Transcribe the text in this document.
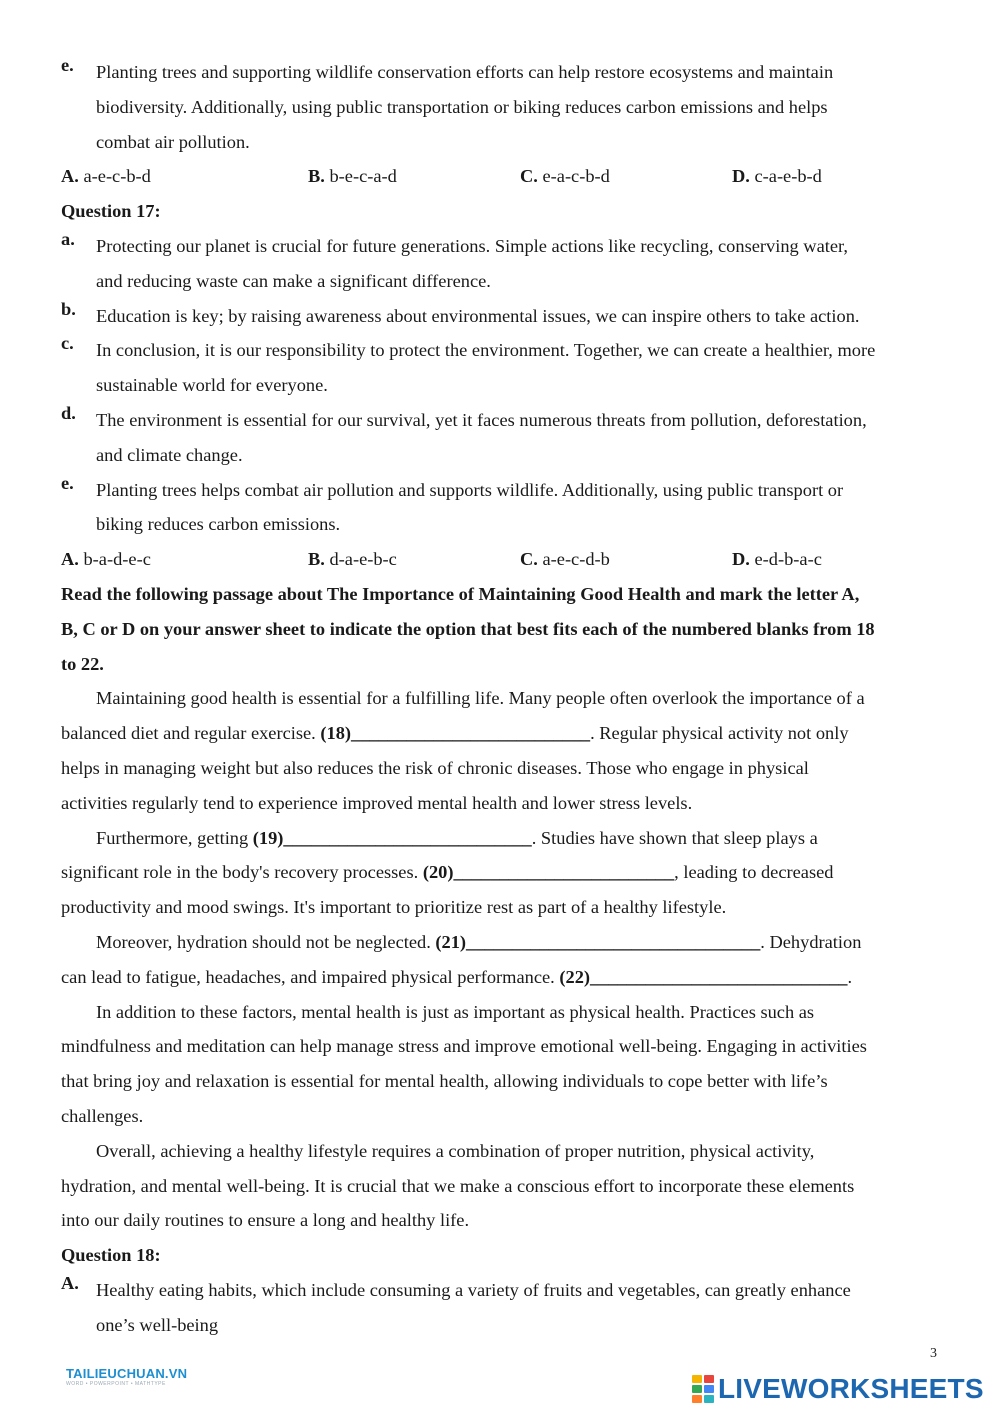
e.	Planting trees and supporting wildlife conservation efforts can help restore ecosystems and maintain
biodiversity. Additionally, using public transportation or biking reduces carbon emissions and helps
combat air pollution.
A. a-e-c-b-d	B. b-e-c-a-d	C. e-a-c-b-d	D. c-a-e-b-d
Question 17:
a.	Protecting our planet is crucial for future generations. Simple actions like recycling, conserving water,
and reducing waste can make a significant difference.
b.	Education is key; by raising awareness about environmental issues, we can inspire others to take action.
c.	In conclusion, it is our responsibility to protect the environment. Together, we can create a healthier, more
sustainable world for everyone.
d.	The environment is essential for our survival, yet it faces numerous threats from pollution, deforestation,
and climate change.
e.	Planting trees helps combat air pollution and supports wildlife. Additionally, using public transport or
biking reduces carbon emissions.
A. b-a-d-e-c	B. d-a-e-b-c	C. a-e-c-d-b	D. e-d-b-a-c
Read the following passage about The Importance of Maintaining Good Health and mark the letter A,
B, C or D on your answer sheet to indicate the option that best fits each of the numbered blanks from 18
to 22.
Maintaining good health is essential for a fulfilling life. Many people often overlook the importance of a
balanced diet and regular exercise. (18)__________________________. Regular physical activity not only
helps in managing weight but also reduces the risk of chronic diseases. Those who engage in physical
activities regularly tend to experience improved mental health and lower stress levels.
Furthermore, getting (19)___________________________. Studies have shown that sleep plays a
significant role in the body's recovery processes. (20)________________________, leading to decreased
productivity and mood swings. It's important to prioritize rest as part of a healthy lifestyle.
Moreover, hydration should not be neglected. (21)________________________________. Dehydration
can lead to fatigue, headaches, and impaired physical performance. (22)____________________________.
In addition to these factors, mental health is just as important as physical health. Practices such as
mindfulness and meditation can help manage stress and improve emotional well-being. Engaging in activities
that bring joy and relaxation is essential for mental health, allowing individuals to cope better with life’s
challenges.
Overall, achieving a healthy lifestyle requires a combination of proper nutrition, physical activity,
hydration, and mental well-being. It is crucial that we make a conscious effort to incorporate these elements
into our daily routines to ensure a long and healthy life.
Question 18:
A. Healthy eating habits, which include consuming a variety of fruits and vegetables, can greatly enhance
one’s well-being
3
TAILIEUCHUAN.VN
WORD • POWERPOINT • MATHTYPE	LIVEWORKSHEETS
